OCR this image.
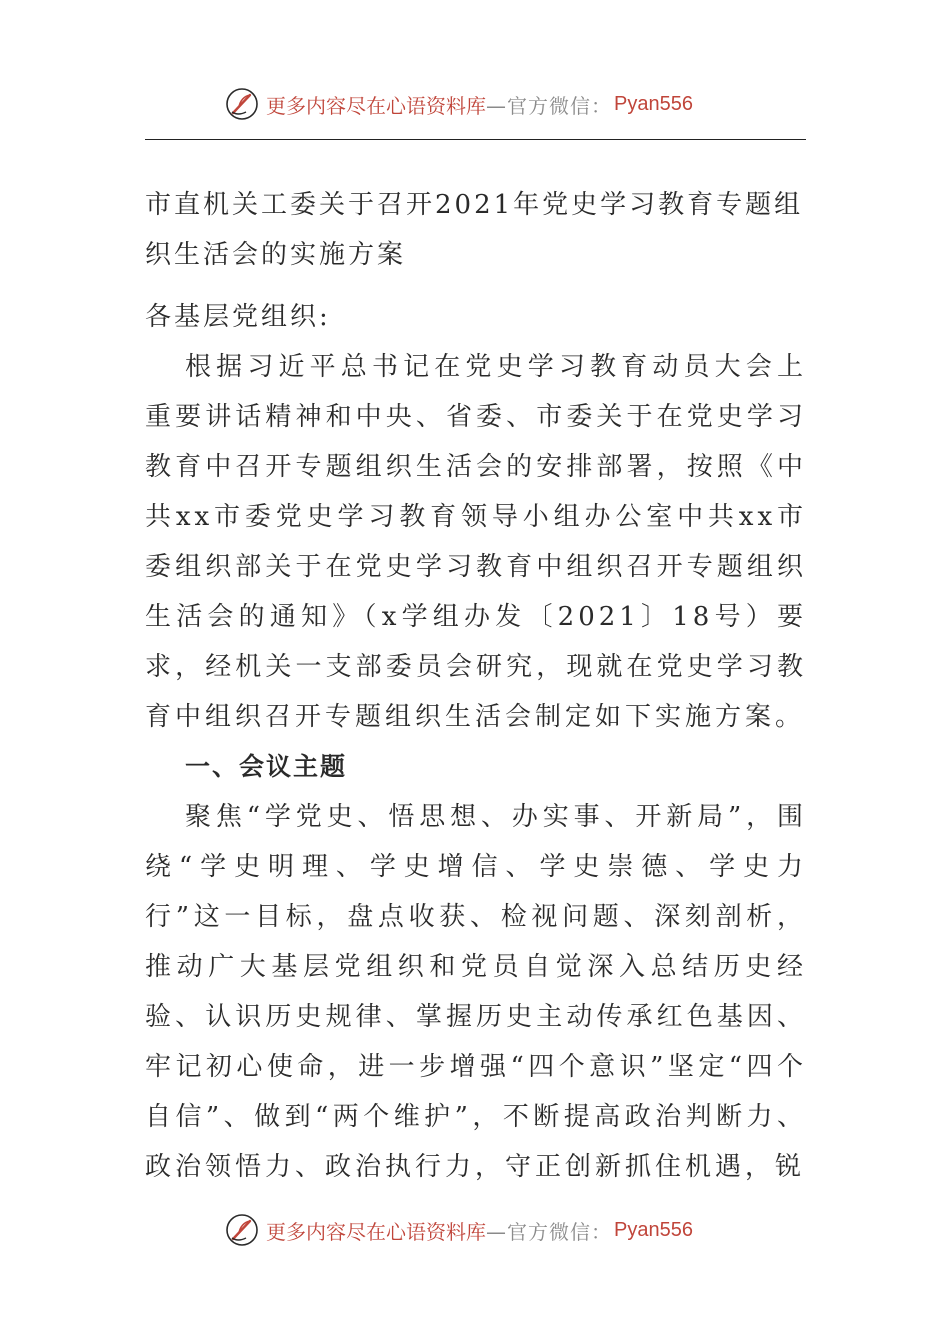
更多内容尽在心语资料库 —官方微信： Pyan556

市直机关工委关于召开2021年党史学习教育专题组织生活会的实施方案

各基层党组织:

根据习近平总书记在党史学习教育动员大会上重要讲话精神和中央、省委、市委关于在党史学习教育中召开专题组织生活会的安排部署，按照《中共xx市委党史学习教育领导小组办公室中共xx市委组织部关于在党史学习教育中组织召开专题组织生活会的通知》（x学组办发〔2021〕18号）要求，经机关一支部委员会研究，现就在党史学习教育中组织召开专题组织生活会制定如下实施方案。

一、会议主题

聚焦“学党史、悟思想、办实事、开新局”，围绕“学史明理、学史增信、学史崇德、学史力行”这一目标，盘点收获、检视问题、深刻剖析，推动广大基层党组织和党员自觉深入总结历史经验、认识历史规律、掌握历史主动传承红色基因、牢记初心使命，进一步增强“四个意识”坚定“四个自信”、做到“两个维护”，不断提高政治判断力、政治领悟力、政治执行力，守正创新抓住机遇，锐

更多内容尽在心语资料库 —官方微信： Pyan556
